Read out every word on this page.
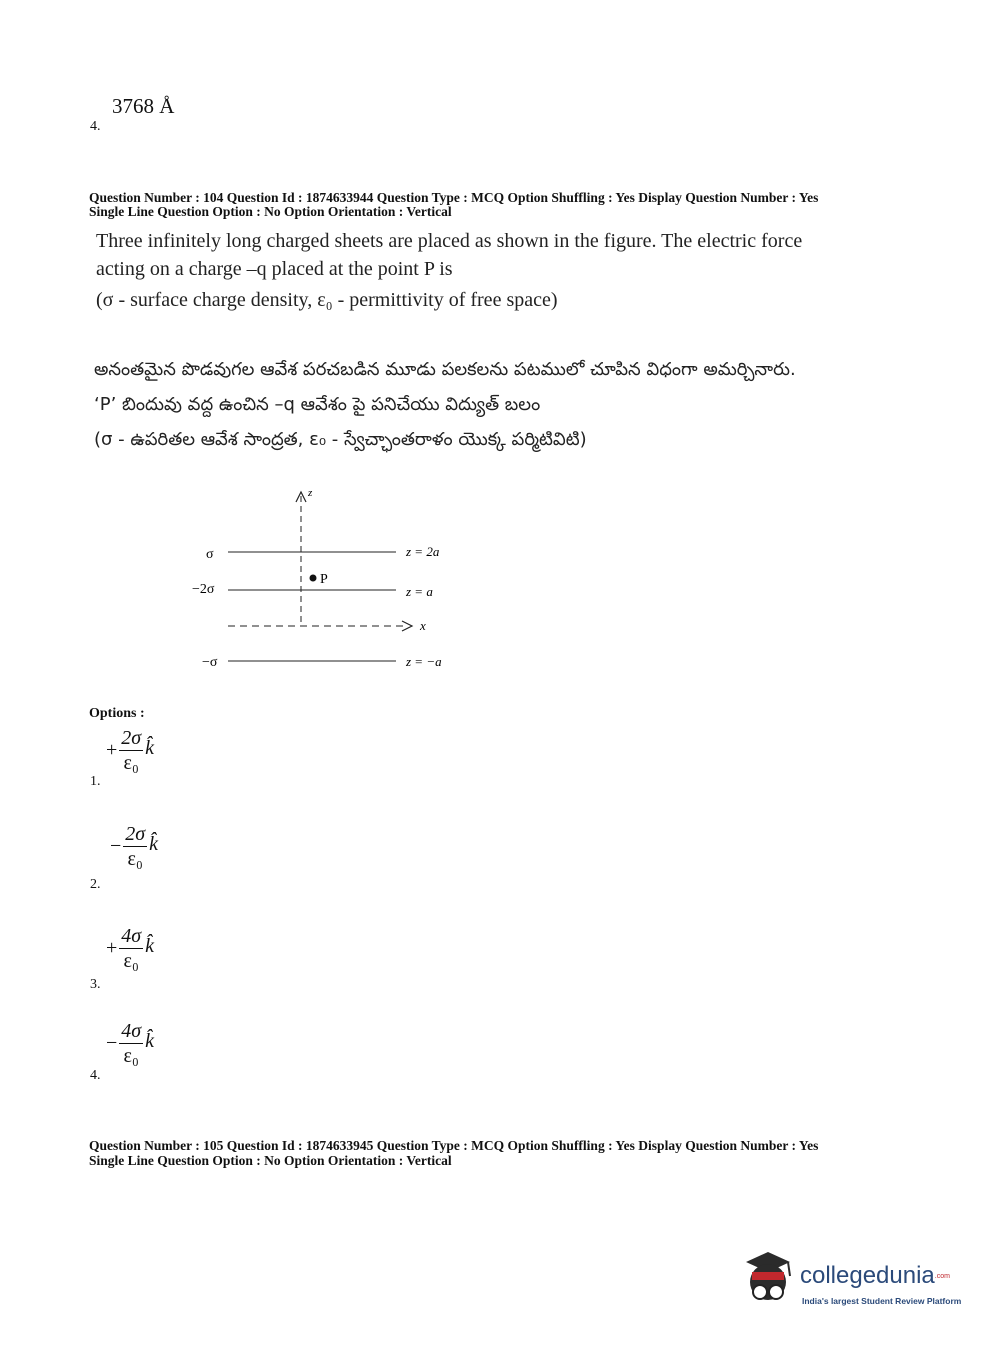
3768 Å
4.
Question Number : 104 Question Id : 1874633944 Question Type : MCQ Option Shuffling : Yes Display Question Number : Yes
Single Line Question Option : No Option Orientation : Vertical
Three infinitely long charged sheets are placed as shown in the figure. The electric force
acting on a charge –q placed at the point P is
(σ - surface charge density, ε₀ - permittivity of free space)
అనంతమైన పొడవుగల ఆవేశ పరచబడిన మూడు పలకలను పటములో చూపిన విధంగా అమర్చినారు.
‘P’ బిందువు వద్ద ఉంచిన –q ఆవేశం పై పనిచేయు విద్యుత్ బలం
(σ - ఉపరితల ఆవేశ సాంద్రత, ε₀ - స్వేచ్ఛాంతరాళం యొక్క పర్మిటివిటి)
z
σ	z = 2a
−2σ	z = a
P
x
−σ	z = −a
Options :
+ $\frac{2\sigma}{\text{ε₀}}$ k̂
1.
− $\frac{2\sigma}{\text{ε₀}}$ k̂
2.
+ $\frac{4\sigma}{\text{ε₀}}$ k̂
3.
− $\frac{4\sigma}{\text{ε₀}}$ k̂
4.
Question Number : 105 Question Id : 1874633945 Question Type : MCQ Option Shuffling : Yes Display Question Number : Yes
Single Line Question Option : No Option Orientation : Vertical
collegedunia.com
India's largest Student Review Platform
